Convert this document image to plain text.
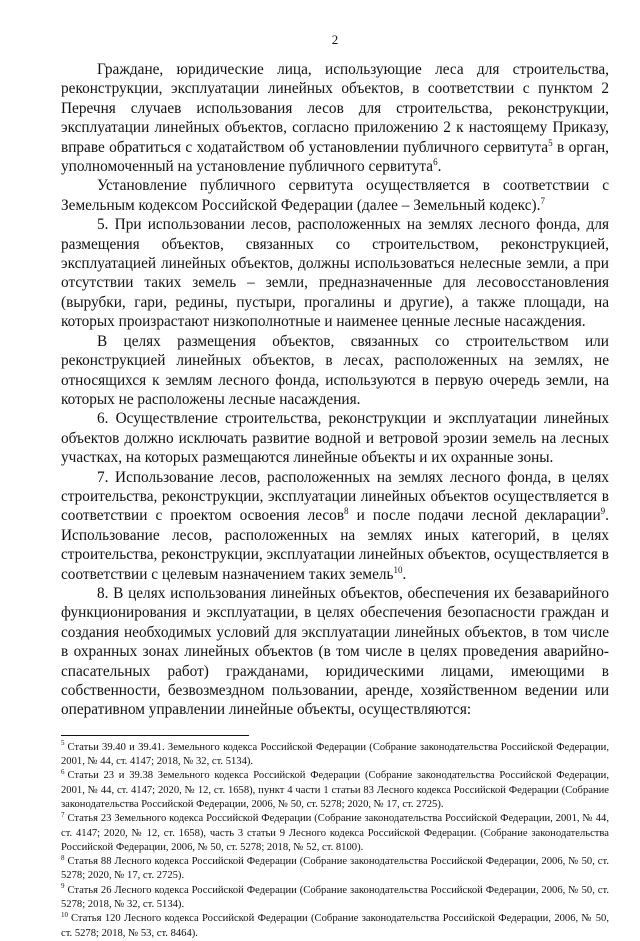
2

Граждане, юридические лица, использующие леса для строительства, реконструкции, эксплуатации линейных объектов, в соответствии с пунктом 2 Перечня случаев использования лесов для строительства, реконструкции, эксплуатации линейных объектов, согласно приложению 2 к настоящему Приказу, вправе обратиться с ходатайством об установлении публичного сервитута$^5$ в орган, уполномоченный на установление публичного сервитута$^6$.

Установление публичного сервитута осуществляется в соответствии с Земельным кодексом Российской Федерации (далее – Земельный кодекс).$^7$

5. При использовании лесов, расположенных на землях лесного фонда, для размещения объектов, связанных со строительством, реконструкцией, эксплуатацией линейных объектов, должны использоваться нелесные земли, а при отсутствии таких земель – земли, предназначенные для лесовосстановления (вырубки, гари, редины, пустыри, прогалины и другие), а также площади, на которых произрастают низкополнотные и наименее ценные лесные насаждения.

В целях размещения объектов, связанных со строительством или реконструкцией линейных объектов, в лесах, расположенных на землях, не относящихся к землям лесного фонда, используются в первую очередь земли, на которых не расположены лесные насаждения.

6. Осуществление строительства, реконструкции и эксплуатации линейных объектов должно исключать развитие водной и ветровой эрозии земель на лесных участках, на которых размещаются линейные объекты и их охранные зоны.

7. Использование лесов, расположенных на землях лесного фонда, в целях строительства, реконструкции, эксплуатации линейных объектов осуществляется в соответствии с проектом освоения лесов$^8$ и после подачи лесной декларации$^9$. Использование лесов, расположенных на землях иных категорий, в целях строительства, реконструкции, эксплуатации линейных объектов, осуществляется в соответствии с целевым назначением таких земель$^{10}$.

8. В целях использования линейных объектов, обеспечения их безаварийного функционирования и эксплуатации, в целях обеспечения безопасности граждан и создания необходимых условий для эксплуатации линейных объектов, в том числе в охранных зонах линейных объектов (в том числе в целях проведения аварийно-спасательных работ) гражданами, юридическими лицами, имеющими в собственности, безвозмездном пользовании, аренде, хозяйственном ведении или оперативном управлении линейные объекты, осуществляются:

$^5$ Статьи 39.40 и 39.41. Земельного кодекса Российской Федерации (Собрание законодательства Российской Федерации, 2001, № 44, ст. 4147; 2018, № 32, ст. 5134).

$^6$ Статьи 23 и 39.38 Земельного кодекса Российской Федерации (Собрание законодательства Российской Федерации, 2001, № 44, ст. 4147; 2020, № 12, ст. 1658), пункт 4 части 1 статьи 83 Лесного кодекса Российской Федерации (Собрание законодательства Российской Федерации, 2006, № 50, ст. 5278; 2020, № 17, ст. 2725).

$^7$ Статья 23 Земельного кодекса Российской Федерации (Собрание законодательства Российской Федерации, 2001, № 44, ст. 4147; 2020, № 12, ст. 1658), часть 3 статьи 9 Лесного кодекса Российской Федерации. (Собрание законодательства Российской Федерации, 2006, № 50, ст. 5278; 2018, № 52, ст. 8100).

$^8$ Статья 88 Лесного кодекса Российской Федерации (Собрание законодательства Российской Федерации, 2006, № 50, ст. 5278; 2020, № 17, ст. 2725).

$^9$ Статья 26 Лесного кодекса Российской Федерации (Собрание законодательства Российской Федерации, 2006, № 50, ст. 5278; 2018, № 32, ст. 5134).

$^{10}$ Статья 120 Лесного кодекса Российской Федерации (Собрание законодательства Российской Федерации, 2006, № 50, ст. 5278; 2018, № 53, ст. 8464).
